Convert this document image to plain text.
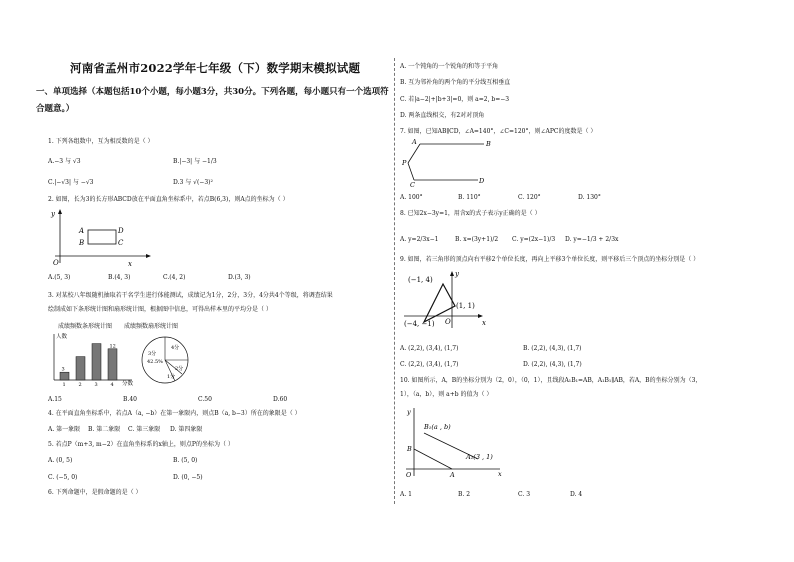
河南省孟州市2022学年七年级（下）数学期末模拟试题
一、单项选择（本题包括10个小题，每小题3分，共30分。下列各题，每小题只有一个选项符
合题意。）
1. 下列各组数中，互为相反数的是（ ）
A.−3 与 √3	B.|−3| 与 −1/3
C.|−√3| 与 −√3	D.3 与 √(−3)²
2. 如图，长为3的长方形ABCD放在平面直角坐标系中，若点B(6,3)，则A点的坐标为（ ）
y
x
O
A
B	C
D
A.(5, 3)	B.(4, 3)	C.(4, 2)	D.(3, 3)
3. 对某校八年级随机抽取若干名学生进行体能测试，成绩记为1分，2分，3分，4分共4个等级，将调查结果
绘制成如下条形统计图和扇形统计图，根据图中信息，可得出样本里的平均分是（ ）
成绩频数条形统计图
人数
分数
1
3
2	3	4
12
成绩频数扇形统计图
3分
42.5%
4分
2分
1分
A.15	B.40	C.50	D.60
4. 在平面直角坐标系中，若点A（a, −b）在第一象限内，则点B（a, b−3）所在的象限是（ ）
A. 第一象限 B. 第二象限 C. 第三象限 D. 第四象限
5. 若点P（m+3, m−2）在直角坐标系的x轴上，则点P的坐标为（ ）
A. (0, 5)	B. (5, 0)
C. (−5, 0)	D. (0, −5)
6. 下列命题中，是假命题的是（ ）
A. 一个钝角的一个锐角的和等于平角
B. 互为邻补角的两个角的平分线互相垂直
C. 若|a−2|+|b+3|=0，则 a=2, b=−3
D. 两条直线相交，有2对对顶角
7. 如图，已知AB∥CD，∠A=140°，∠C=120°，则∠APC的度数是（ ）
A	B
C	D
P
A. 100°	B. 110°	C. 120°	D. 130°
8. 已知2x−3y=1，用含x的式子表示y正确的是（ ）
A. y=2/3x−1	B. x=(3y+1)/2 C. y=(2x−1)/3 D. y=−1/3 + 2/3x
9. 如图，若三角形的顶点向右平移2个单位长度，再向上平移3个单位长度，则平移后三个顶点的坐标分别是（ ）
(−1, 4)
(1, 1)
(−4, −1)
y
x
O
A. (2,2), (3,4), (1,7)	B. (2,2), (4,3), (1,7)
C. (2,2), (3,4), (1,7)	D. (2,2), (4,3), (1,7)
10. 如图所示，A，B的坐标分别为（2，0），（0，1），且线段A₁B₁=AB，A₁B₁∥AB，若A，B的坐标分别为（3，
1），（a，b），则 a+b 的值为（ ）
y
x
O	A
B
B₁(a , b)
A₁(3 , 1)
A. 1	B. 2	C. 3	D. 4
